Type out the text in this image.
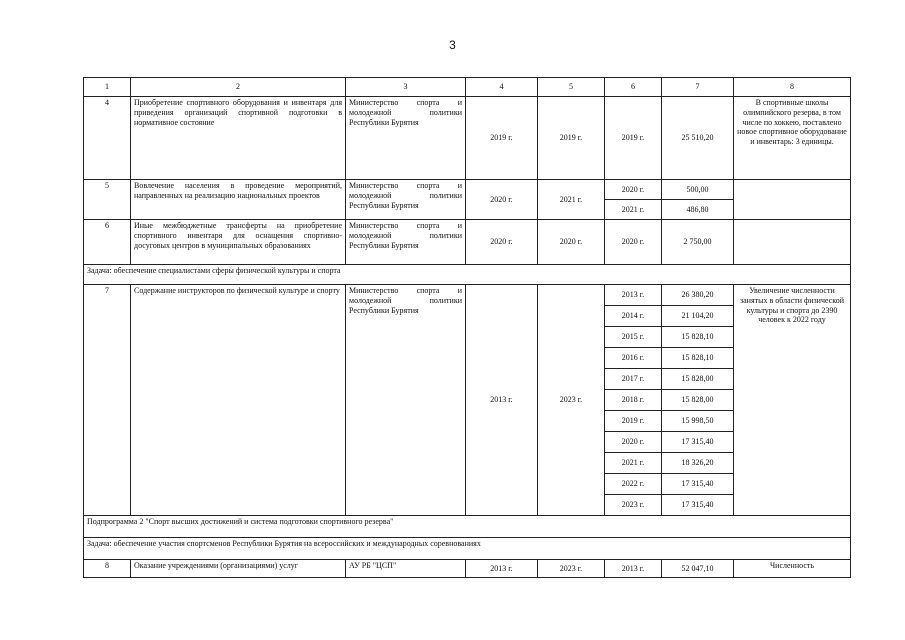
3
1	2	3	4	5	6	7	8
4	Приобретение спортивного оборудования и инвентаря для приведения организаций спортивной подготовки в нормативное состояние	Министерство спорта и молодежной политики Республики Бурятия	2019 г.	2019 г.	2019 г.	25 510,20	В спортивные школы олимпийского резерва, в том числе по хоккею, поставлено новое спортивное оборудование и инвентарь: 3 единицы.
5	Вовлечение населения в проведение мероприятий, направленных на реализацию национальных проектов	Министерство спорта и молодежной политики Республики Бурятия	2020 г.	2021 г.	2020 г.	500,00	
					2021 г.	486,80	
6	Иные межбюджетные трансферты на приобретение спортивного инвентаря для оснащения спортивно-досуговых центров в муниципальных образованиях	Министерство спорта и молодежной политики Республики Бурятия	2020 г.	2020 г.	2020 г.	2 750,00	
Задача: обеспечение специалистами сферы физической культуры и спорта							
7	Содержание инструкторов по физической культуре и спорту	Министерство спорта и молодежной политики Республики Бурятия	2013 г.	2023 г.	2013 г.	26 380,20	Увеличение численности занятых в области физической культуры и спорта до 2390 человек к 2022 году
					2014 г.	21 104,20	
					2015 г.	15 828,10	
					2016 г.	15 828,10	
					2017 г.	15 828,00	
					2018 г.	15 828,00	
					2019 г.	15 998,50	
					2020 г.	17 315,40	
					2021 г.	18 326,20	
					2022 г.	17 315,40	
					2023 г.	17 315,40	
Подпрограмма 2 "Спорт высших достижений и система подготовки спортивного резерва"							
Задача: обеспечение участия спортсменов Республики Бурятия на всероссийских и международных соревнованиях							
8	Оказание учреждениями (организациями) услуг	АУ РБ "ЦСП"	2013 г.	2023 г.	2013 г.	52 047,10	Численность
